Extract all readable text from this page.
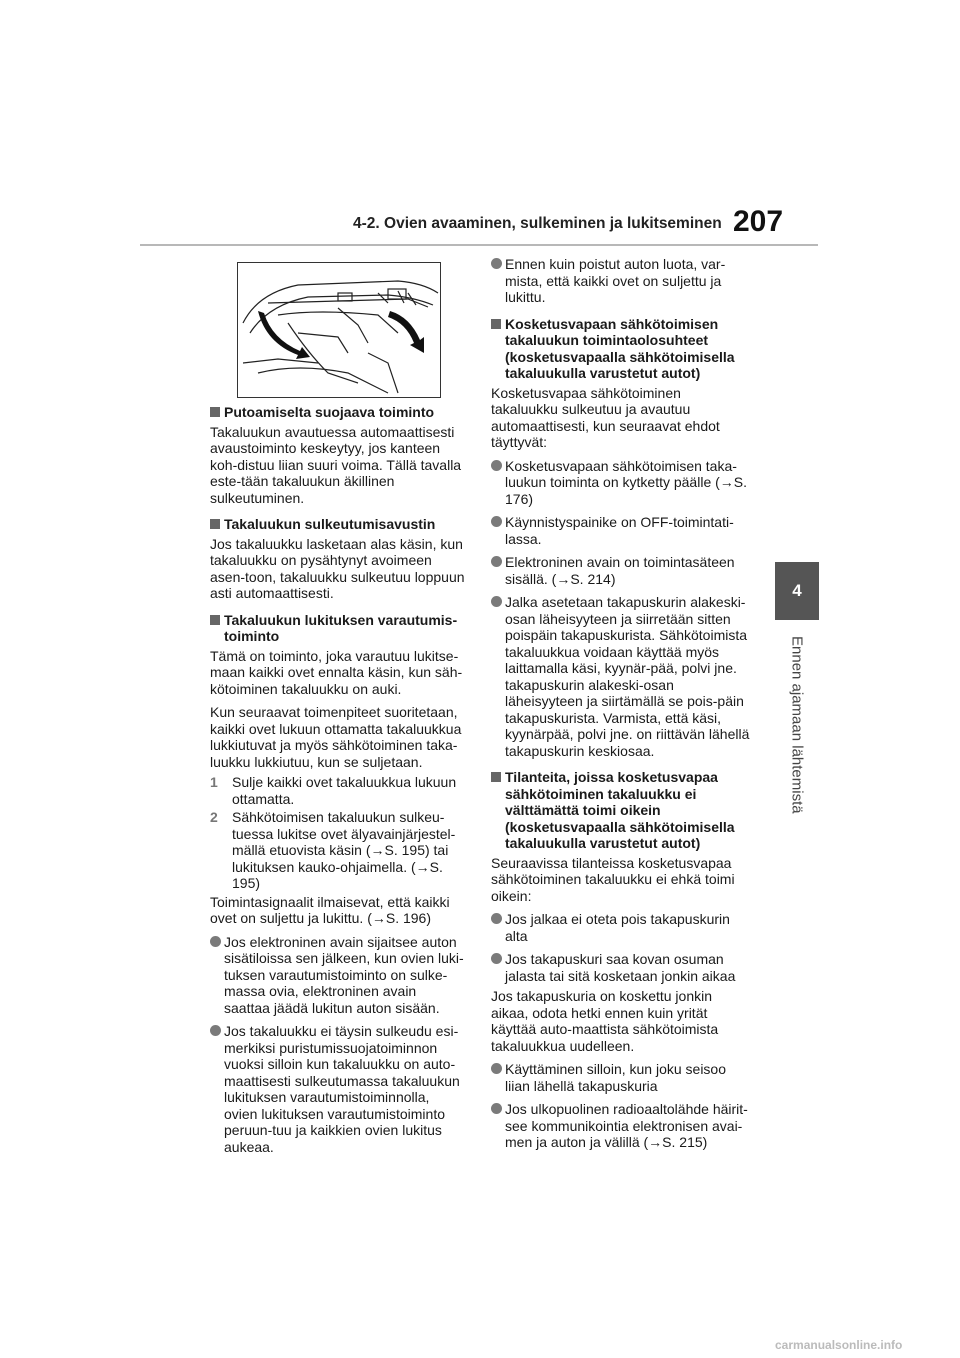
4-2. Ovien avaaminen, sulkeminen ja lukitseminen 207
4
Ennen ajamaan lähtemistä

Putoamiselta suojaava toiminto

Takaluukun avautuessa automaattisesti avaustoiminto keskeytyy, jos kanteen koh-distuu liian suuri voima. Tällä tavalla este-tään takaluukun äkillinen sulkeutuminen.

Takaluukun sulkeutumisavustin

Jos takaluukku lasketaan alas käsin, kun takaluukku on pysähtynyt avoimeen asen-toon, takaluukku sulkeutuu loppuun asti automaattisesti.

Takaluukun lukituksen varautumis-toiminto

Tämä on toiminto, joka varautuu lukitse-maan kaikki ovet ennalta käsin, kun säh-kötoiminen takaluukku on auki.

Kun seuraavat toimenpiteet suoritetaan, kaikki ovet lukuun ottamatta takaluukkua lukkiutuvat ja myös sähkötoiminen taka-luukku lukkiutuu, kun se suljetaan.

1 Sulje kaikki ovet takaluukkua lukuun ottamatta.

2 Sähkötoimisen takaluukun sulkeu-tuessa lukitse ovet älyavainjärjestel-mällä etuovista käsin (→S. 195) tai lukituksen kauko-ohjaimella. (→S. 195)

Toimintasignaalit ilmaisevat, että kaikki ovet on suljettu ja lukittu. (→S. 196)

Jos elektroninen avain sijaitsee auton sisätiloissa sen jälkeen, kun ovien luki-tuksen varautumistoiminto on sulke-massa ovia, elektroninen avain saattaa jäädä lukitun auton sisään.

Jos takaluukku ei täysin sulkeudu esi-merkiksi puristumissuojatoiminnon vuoksi silloin kun takaluukku on auto-maattisesti sulkeutumassa takaluukun lukituksen varautumistoiminnolla, ovien lukituksen varautumistoiminto peruun-tuu ja kaikkien ovien lukitus aukeaa.

Ennen kuin poistut auton luota, var-mista, että kaikki ovet on suljettu ja lukittu.

Kosketusvapaan sähkötoimisen takaluukun toimintaolosuhteet (kosketusvapaalla sähkötoimisella takaluukulla varustetut autot)

Kosketusvapaa sähkötoiminen takaluukku sulkeutuu ja avautuu automaattisesti, kun seuraavat ehdot täyttyvät:

Kosketusvapaan sähkötoimisen taka-luukun toiminta on kytketty päälle (→S. 176)

Käynnistyspainike on OFF-toimintati-lassa.

Elektroninen avain on toimintasäteen sisällä. (→S. 214)

Jalka asetetaan takapuskurin alakeski-osan läheisyyteen ja siirretään sitten poispäin takapuskurista. Sähkötoimista takaluukkua voidaan käyttää myös laittamalla käsi, kyynär-pää, polvi jne. takapuskurin alakeski-osan läheisyyteen ja siirtämällä se pois-päin takapuskurista. Varmista, että käsi, kyynärpää, polvi jne. on riittävän lähellä takapuskurin keskiosaa.

Tilanteita, joissa kosketusvapaa sähkötoiminen takaluukku ei välttämättä toimi oikein (kosketusvapaalla sähkötoimisella takaluukulla varustetut autot)

Seuraavissa tilanteissa kosketusvapaa sähkötoiminen takaluukku ei ehkä toimi oikein:

Jos jalkaa ei oteta pois takapuskurin alta

Jos takapuskuri saa kovan osuman jalasta tai sitä kosketaan jonkin aikaa

Jos takapuskuria on koskettu jonkin aikaa, odota hetki ennen kuin yrität käyttää auto-maattista sähkötoimista takaluukkua uudelleen.

Käyttäminen silloin, kun joku seisoo liian lähellä takapuskuria

Jos ulkopuolinen radioaaltolähde häirit-see kommunikointia elektronisen avai-men ja auton ja välillä (→S. 215)

carmanualsonline.info
